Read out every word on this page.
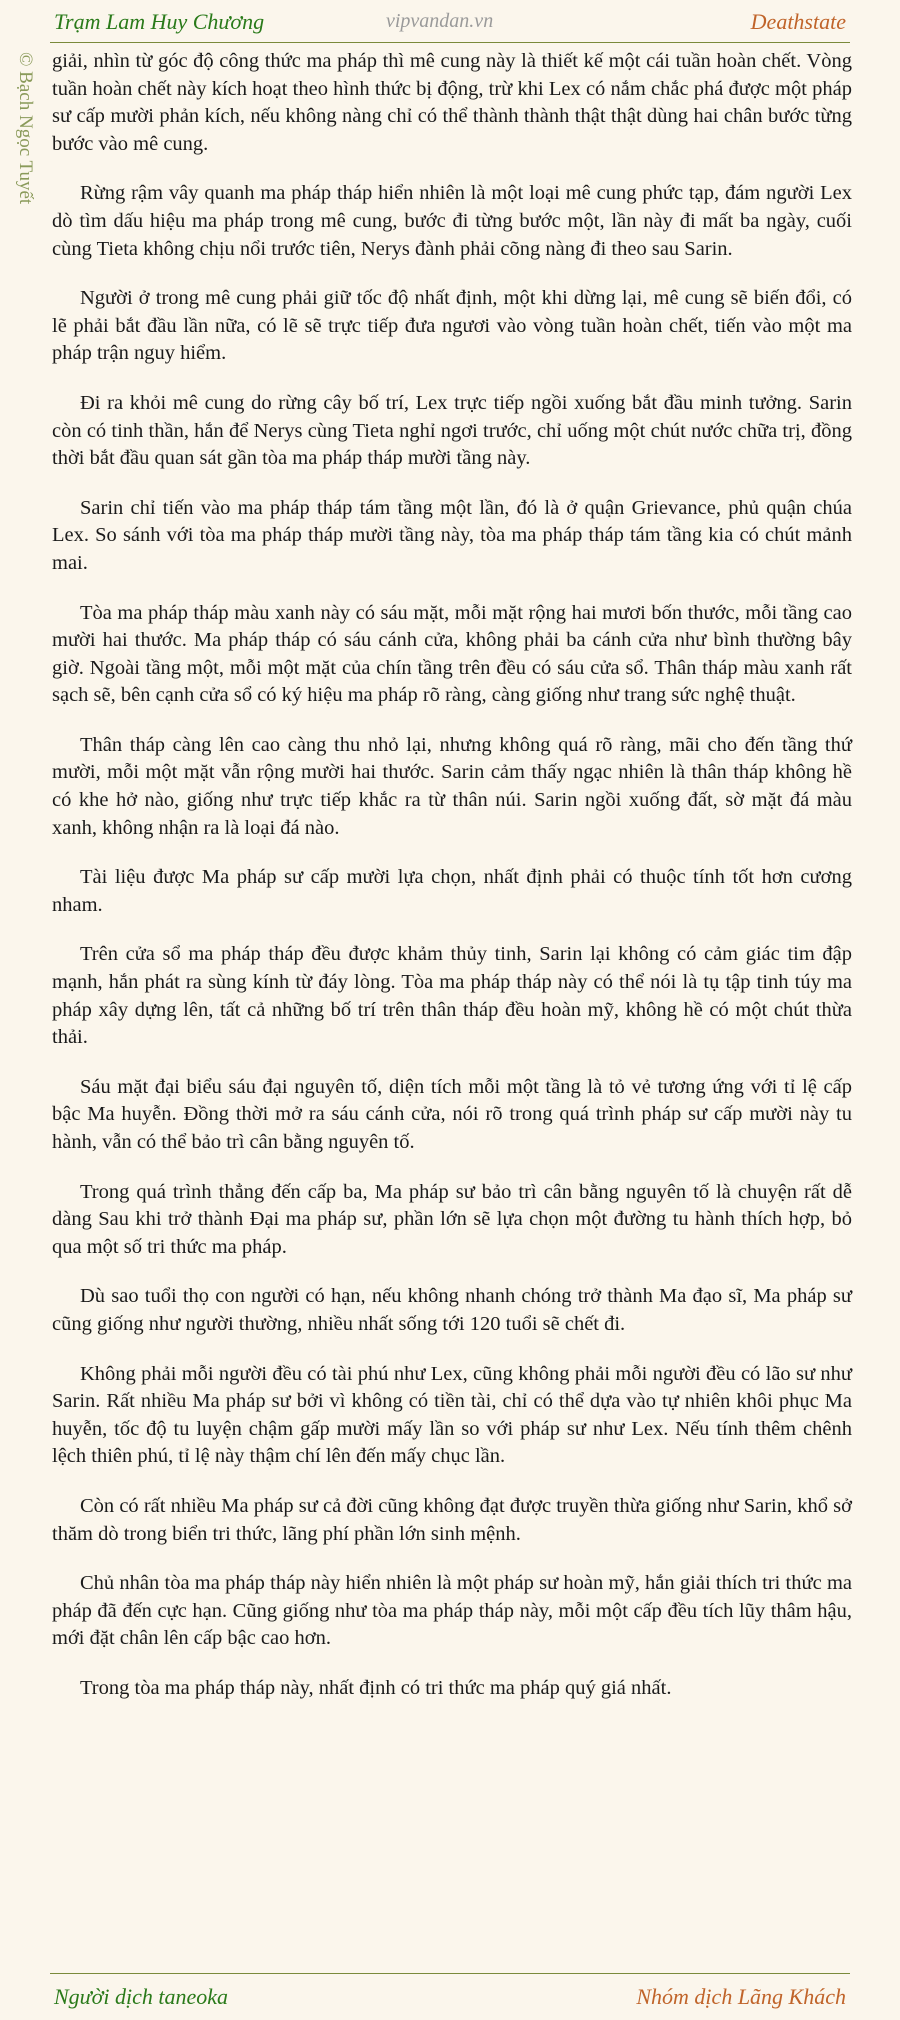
Trạm Lam Huy Chương	vipvandan.vn	Deathstate
© Bạch Ngọc Tuyết giải, nhìn từ góc độ công thức ma pháp thì mê cung này là thiết kế một cái tuần hoàn chết. Vòng tuần hoàn chết này kích hoạt theo hình thức bị động, trừ khi Lex có nắm chắc phá được một pháp sư cấp mười phản kích, nếu không nàng chỉ có thể thành thành thật thật dùng hai chân bước từng bước vào mê cung.

Rừng rậm vây quanh ma pháp tháp hiển nhiên là một loại mê cung phức tạp, đám người Lex dò tìm dấu hiệu ma pháp trong mê cung, bước đi từng bước một, lần này đi mất ba ngày, cuối cùng Tieta không chịu nổi trước tiên, Nerys đành phải cõng nàng đi theo sau Sarin.

Người ở trong mê cung phải giữ tốc độ nhất định, một khi dừng lại, mê cung sẽ biến đổi, có lẽ phải bắt đầu lần nữa, có lẽ sẽ trực tiếp đưa ngươi vào vòng tuần hoàn chết, tiến vào một ma pháp trận nguy hiểm.

Đi ra khỏi mê cung do rừng cây bố trí, Lex trực tiếp ngồi xuống bắt đầu minh tưởng. Sarin còn có tinh thần, hắn để Nerys cùng Tieta nghỉ ngơi trước, chỉ uống một chút nước chữa trị, đồng thời bắt đầu quan sát gần tòa ma pháp tháp mười tầng này.

Sarin chỉ tiến vào ma pháp tháp tám tầng một lần, đó là ở quận Grievance, phủ quận chúa Lex. So sánh với tòa ma pháp tháp mười tầng này, tòa ma pháp tháp tám tầng kia có chút mảnh mai.

Tòa ma pháp tháp màu xanh này có sáu mặt, mỗi mặt rộng hai mươi bốn thước, mỗi tầng cao mười hai thước. Ma pháp tháp có sáu cánh cửa, không phải ba cánh cửa như bình thường bây giờ. Ngoài tầng một, mỗi một mặt của chín tầng trên đều có sáu cửa sổ. Thân tháp màu xanh rất sạch sẽ, bên cạnh cửa sổ có ký hiệu ma pháp rõ ràng, càng giống như trang sức nghệ thuật.

Thân tháp càng lên cao càng thu nhỏ lại, nhưng không quá rõ ràng, mãi cho đến tầng thứ mười, mỗi một mặt vẫn rộng mười hai thước. Sarin cảm thấy ngạc nhiên là thân tháp không hề có khe hở nào, giống như trực tiếp khắc ra từ thân núi. Sarin ngồi xuống đất, sờ mặt đá màu xanh, không nhận ra là loại đá nào.

Tài liệu được Ma pháp sư cấp mười lựa chọn, nhất định phải có thuộc tính tốt hơn cương nham.

Trên cửa sổ ma pháp tháp đều được khảm thủy tinh, Sarin lại không có cảm giác tim đập mạnh, hắn phát ra sùng kính từ đáy lòng. Tòa ma pháp tháp này có thể nói là tụ tập tinh túy ma pháp xây dựng lên, tất cả những bố trí trên thân tháp đều hoàn mỹ, không hề có một chút thừa thải.

Sáu mặt đại biểu sáu đại nguyên tố, diện tích mỗi một tầng là tỏ vẻ tương ứng với tỉ lệ cấp bậc Ma huyễn. Đồng thời mở ra sáu cánh cửa, nói rõ trong quá trình pháp sư cấp mười này tu hành, vẫn có thể bảo trì cân bằng nguyên tố.

Trong quá trình thẳng đến cấp ba, Ma pháp sư bảo trì cân bằng nguyên tố là chuyện rất dễ dàng Sau khi trở thành Đại ma pháp sư, phần lớn sẽ lựa chọn một đường tu hành thích hợp, bỏ qua một số tri thức ma pháp.

Dù sao tuổi thọ con người có hạn, nếu không nhanh chóng trở thành Ma đạo sĩ, Ma pháp sư cũng giống như người thường, nhiều nhất sống tới 120 tuổi sẽ chết đi.

Không phải mỗi người đều có tài phú như Lex, cũng không phải mỗi người đều có lão sư như Sarin. Rất nhiều Ma pháp sư bởi vì không có tiền tài, chỉ có thể dựa vào tự nhiên khôi phục Ma huyễn, tốc độ tu luyện chậm gấp mười mấy lần so với pháp sư như Lex. Nếu tính thêm chênh lệch thiên phú, tỉ lệ này thậm chí lên đến mấy chục lần.

Còn có rất nhiều Ma pháp sư cả đời cũng không đạt được truyền thừa giống như Sarin, khổ sở thăm dò trong biển tri thức, lãng phí phần lớn sinh mệnh.

Chủ nhân tòa ma pháp tháp này hiển nhiên là một pháp sư hoàn mỹ, hắn giải thích tri thức ma pháp đã đến cực hạn. Cũng giống như tòa ma pháp tháp này, mỗi một cấp đều tích lũy thâm hậu, mới đặt chân lên cấp bậc cao hơn.

Trong tòa ma pháp tháp này, nhất định có tri thức ma pháp quý giá nhất.

Người dịch taneoka	Nhóm dịch Lãng Khách
